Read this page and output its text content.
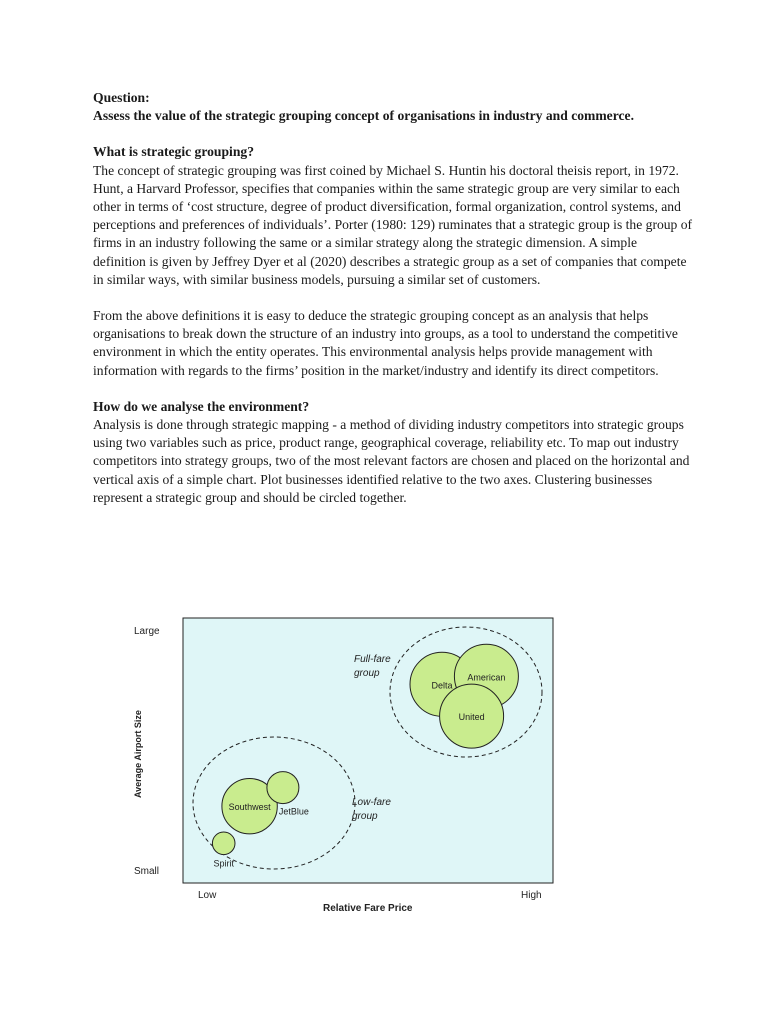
Question:

Assess the value of the strategic grouping concept of organisations in industry and commerce.

What is strategic grouping?

The concept of strategic grouping was first coined by Michael S. Huntin his doctoral theisis report, in 1972. Hunt, a Harvard Professor, specifies that companies within the same strategic group are very similar to each other in terms of ‘cost structure, degree of product diversification, formal organization, control systems, and perceptions and preferences of individuals’. Porter (1980: 129) ruminates that a strategic group is the group of firms in an industry following the same or a similar strategy along the strategic dimension. A simple definition is given by Jeffrey Dyer et al (2020) describes a strategic group as a set of companies that compete in similar ways, with similar business models, pursuing a similar set of customers.

From the above definitions it is easy to deduce the strategic grouping concept as an analysis that helps organisations to break down the structure of an industry into groups, as a tool to understand the competitive environment in which the entity operates. This environmental analysis helps provide management with information with regards to the firms’ position in the market/industry and identify its direct competitors.

How do we analyse the environment?

Analysis is done through strategic mapping - a method of dividing industry competitors into strategic groups using two variables such as price, product range, geographical coverage, reliability etc. To map out industry competitors into strategy groups, two of the most relevant factors are chosen and placed on the horizontal and vertical axis of a simple chart. Plot businesses identified relative to the two axes. Clustering businesses represent a strategic group and should be circled together.

Large
Small
Low	High
Relative Fare Price
Average Airport Size
Full-fare
group
Low-fare
group
Delta
American
United
Southwest JetBlue
Spirit
